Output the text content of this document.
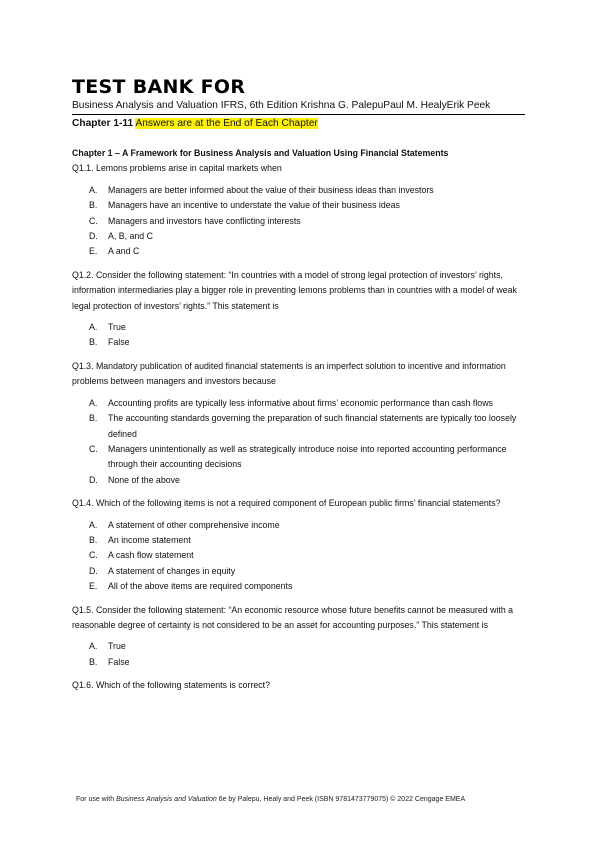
TEST BANK FOR
Business Analysis and Valuation IFRS, 6th Edition Krishna G. PalepuPaul M. HealyErik Peek
Chapter 1-11 Answers are at the End of Each Chapter
Chapter 1 – A Framework for Business Analysis and Valuation Using Financial Statements

Q1.1. Lemons problems arise in capital markets when

A. Managers are better informed about the value of their business ideas than investors
B. Managers have an incentive to understate the value of their business ideas
C. Managers and investors have conflicting interests
D. A, B, and C
E. A and C

Q1.2. Consider the following statement: “In countries with a model of strong legal protection of investors’ rights, information intermediaries play a bigger role in preventing lemons problems than in countries with a model of weak legal protection of investors’ rights.” This statement is

A. True
B. False

Q1.3. Mandatory publication of audited financial statements is an imperfect solution to incentive and information problems between managers and investors because

A. Accounting profits are typically less informative about firms’ economic performance than cash flows
B. The accounting standards governing the preparation of such financial statements are typically too loosely defined
C. Managers unintentionally as well as strategically introduce noise into reported accounting performance through their accounting decisions
D. None of the above

Q1.4. Which of the following items is not a required component of European public firms’ financial statements?

A. A statement of other comprehensive income
B. An income statement
C. A cash flow statement
D. A statement of changes in equity
E. All of the above items are required components

Q1.5. Consider the following statement: “An economic resource whose future benefits cannot be measured with a reasonable degree of certainty is not considered to be an asset for accounting purposes.” This statement is

A. True
B. False

Q1.6. Which of the following statements is correct?

For use with Business Analysis and Valuation 6e by Palepu, Healy and Peek (ISBN 9781473779075) © 2022 Cengage EMEA
